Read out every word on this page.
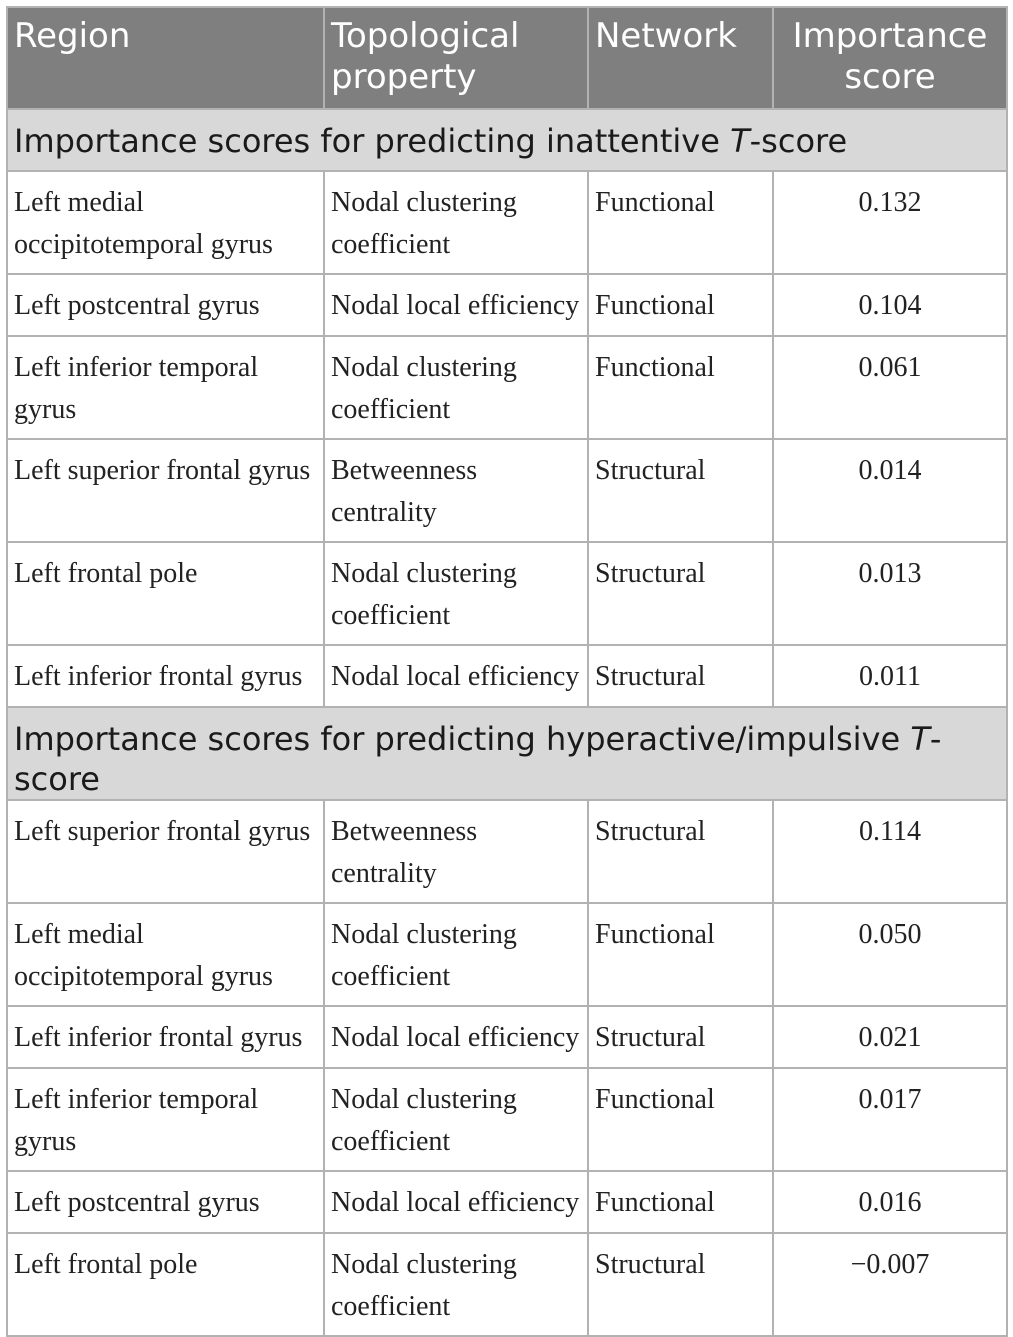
Region	Topological property	Network	Importance score
Importance scores for predicting inattentive T-score			
Left medial occipitotemporal gyrus	Nodal clustering coefficient	Functional	0.132
Left postcentral gyrus	Nodal local efficiency	Functional	0.104
Left inferior temporal gyrus	Nodal clustering coefficient	Functional	0.061
Left superior frontal gyrus	Betweenness centrality	Structural	0.014
Left frontal pole	Nodal clustering coefficient	Structural	0.013
Left inferior frontal gyrus	Nodal local efficiency	Structural	0.011
Importance scores for predicting hyperactive/impulsive T-score			
Left superior frontal gyrus	Betweenness centrality	Structural	0.114
Left medial occipitotemporal gyrus	Nodal clustering coefficient	Functional	0.050
Left inferior frontal gyrus	Nodal local efficiency	Structural	0.021
Left inferior temporal gyrus	Nodal clustering coefficient	Functional	0.017
Left postcentral gyrus	Nodal local efficiency	Functional	0.016
Left frontal pole	Nodal clustering coefficient	Structural	−0.007
